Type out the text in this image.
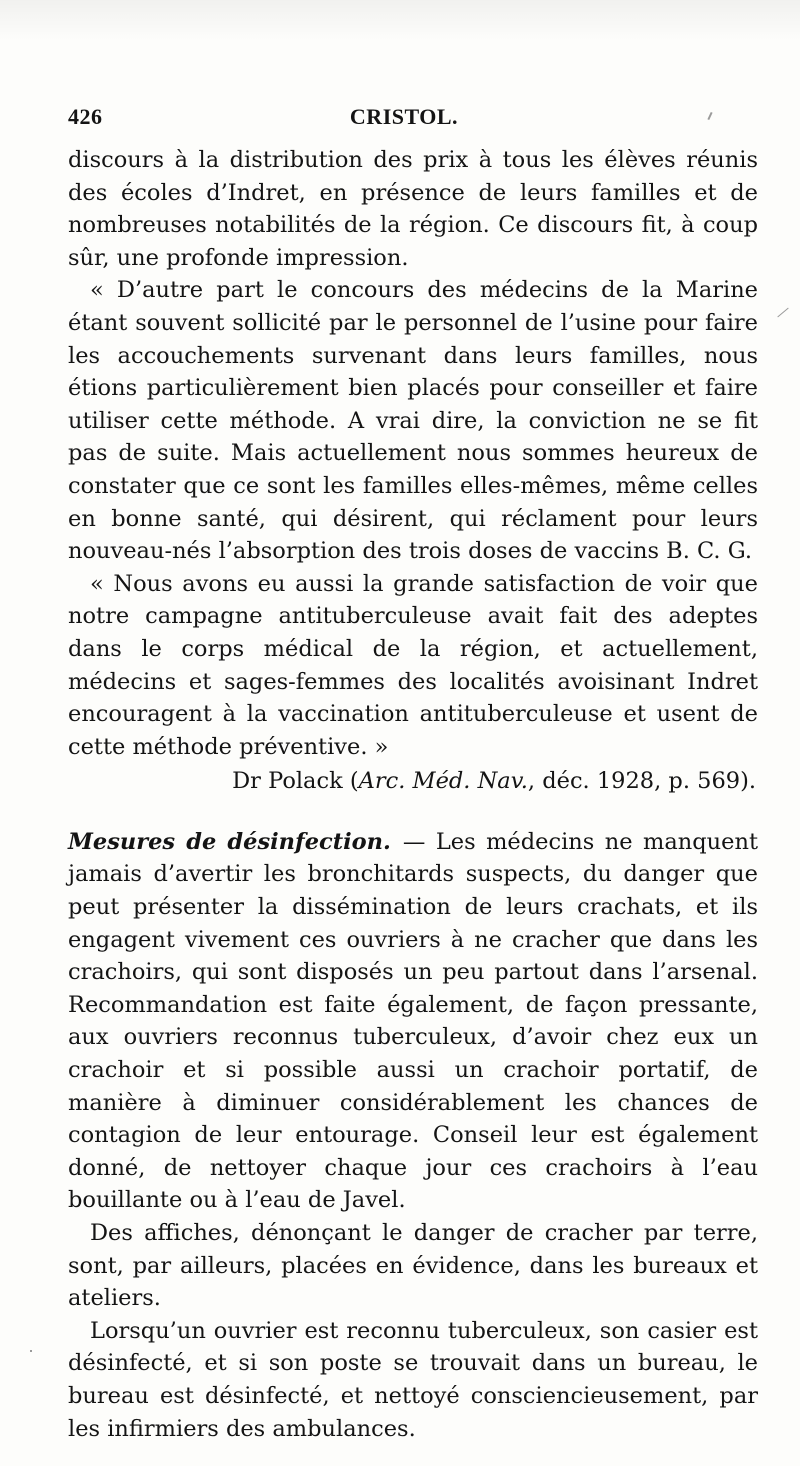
426	CRISTOL.

discours à la distribution des prix à tous les élèves réunis des écoles d’Indret, en présence de leurs familles et de nombreuses notabilités de la région. Ce discours fit, à coup sûr, une profonde impression.

« D’autre part le concours des médecins de la Marine étant souvent sollicité par le personnel de l’usine pour faire les accouchements survenant dans leurs familles, nous étions particulièrement bien placés pour conseiller et faire utiliser cette méthode. A vrai dire, la conviction ne se fit pas de suite. Mais actuellement nous sommes heureux de constater que ce sont les familles elles-mêmes, même celles en bonne santé, qui désirent, qui réclament pour leurs nouveau-nés l’absorption des trois doses de vaccins B. C. G.

« Nous avons eu aussi la grande satisfaction de voir que notre campagne antituberculeuse avait fait des adeptes dans le corps médical de la région, et actuellement, médecins et sages-femmes des localités avoisinant Indret encouragent à la vaccination antituberculeuse et usent de cette méthode préventive. »

Dr Polack (Arc. Méd. Nav., déc. 1928, p. 569).

Mesures de désinfection. — Les médecins ne manquent jamais d’avertir les bronchitards suspects, du danger que peut présenter la dissémination de leurs crachats, et ils engagent vivement ces ouvriers à ne cracher que dans les crachoirs, qui sont disposés un peu partout dans l’arsenal. Recommandation est faite également, de façon pressante, aux ouvriers reconnus tuberculeux, d’avoir chez eux un crachoir et si possible aussi un crachoir portatif, de manière à diminuer considérablement les chances de contagion de leur entourage. Conseil leur est également donné, de nettoyer chaque jour ces crachoirs à l’eau bouillante ou à l’eau de Javel.

Des affiches, dénonçant le danger de cracher par terre, sont, par ailleurs, placées en évidence, dans les bureaux et ateliers.

Lorsqu’un ouvrier est reconnu tuberculeux, son casier est désinfecté, et si son poste se trouvait dans un bureau, le bureau est désinfecté, et nettoyé consciencieusement, par les infirmiers des ambulances.
